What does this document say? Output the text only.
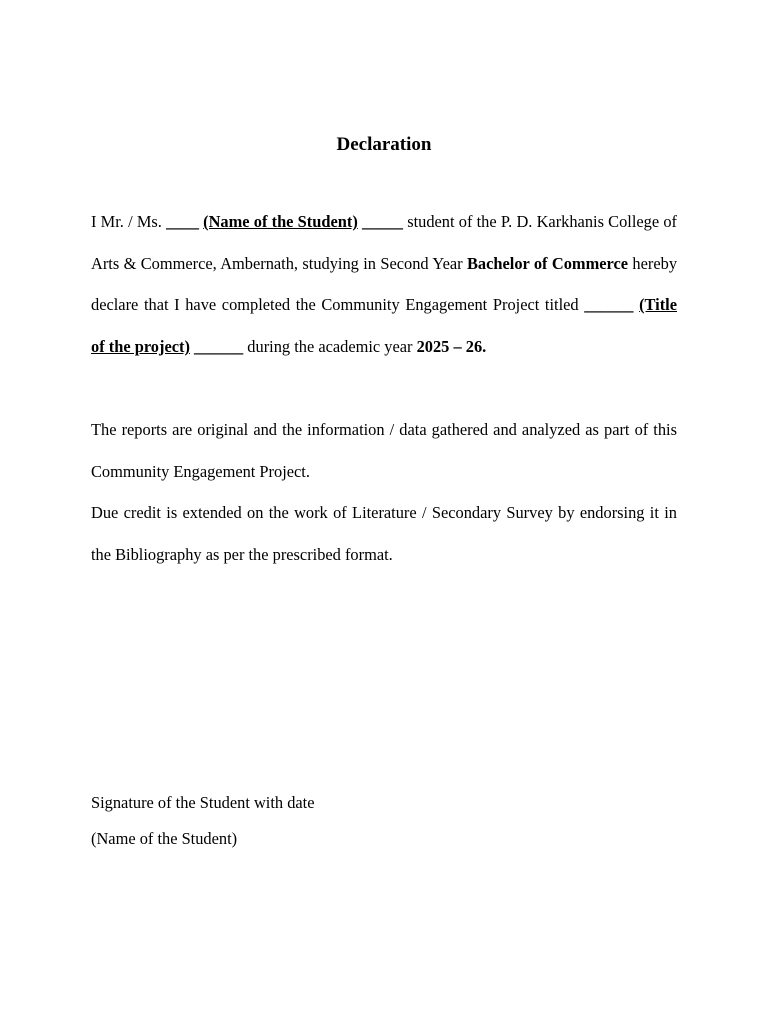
Declaration

I Mr. / Ms. ____ (Name of the Student) _____ student of the P. D. Karkhanis College of Arts & Commerce, Ambernath, studying in Second Year Bachelor of Commerce hereby declare that I have completed the Community Engagement Project titled ______ (Title of the project) ______ during the academic year 2025 – 26.

The reports are original and the information / data gathered and analyzed as part of this Community Engagement Project.

Due credit is extended on the work of Literature / Secondary Survey by endorsing it in the Bibliography as per the prescribed format.

Signature of the Student with date

(Name of the Student)
